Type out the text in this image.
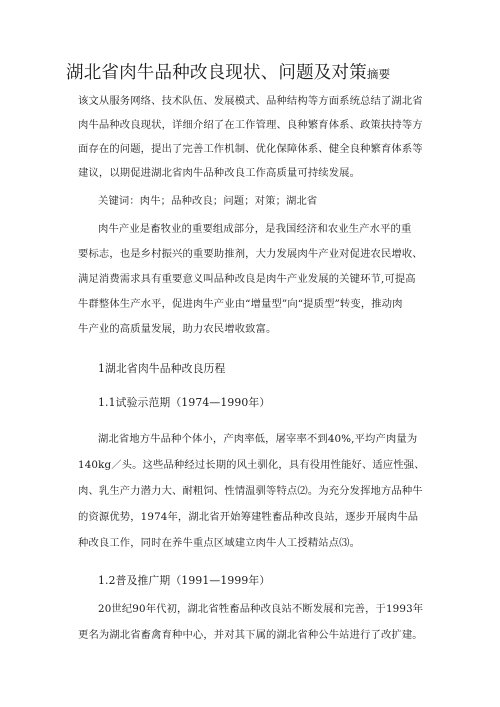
湖北省肉牛品种改良现状、问题及对策摘要
该文从服务网络、技术队伍、发展模式、品种结构等方面系统总结了湖北省
肉牛品种改良现状，详细介绍了在工作管理、良种繁育体系、政策扶持等方
面存在的问题，提出了完善工作机制、优化保障体系、健全良种繁育体系等
建议，以期促进湖北省肉牛品种改良工作高质量可持续发展。
关键词：肉牛；品种改良；问题；对策；湖北省
肉牛产业是畜牧业的重要组成部分，是我国经济和农业生产水平的重
要标志，也是乡村振兴的重要助推剂，大力发展肉牛产业对促进农民增收、
满足消费需求具有重要意义叫品种改良是肉牛产业发展的关键环节,可提高
牛群整体生产水平，促进肉牛产业由“增量型”向“提质型”转变，推动肉
牛产业的高质量发展，助力农民增收致富。
1湖北省肉牛品种改良历程
1.1试验示范期（1974—1990年）
湖北省地方牛品种个体小，产肉率低，屠宰率不到40%,平均产肉量为
140kg／头。这些品种经过长期的风土驯化，具有役用性能好、适应性强、
肉、乳生产力潜力大、耐粗饲、性情温驯等特点⑵。为充分发挥地方品种牛
的资源优势，1974年，湖北省开始筹建牲畜品种改良站，逐步开展肉牛品
种改良工作，同时在养牛重点区域建立肉牛人工授精站点⑶。
1.2普及推广期（1991—1999年）
20世纪90年代初，湖北省牲畜品种改良站不断发展和完善，于1993年
更名为湖北省畜禽育种中心，并对其下属的湖北省种公牛站进行了改扩建。
